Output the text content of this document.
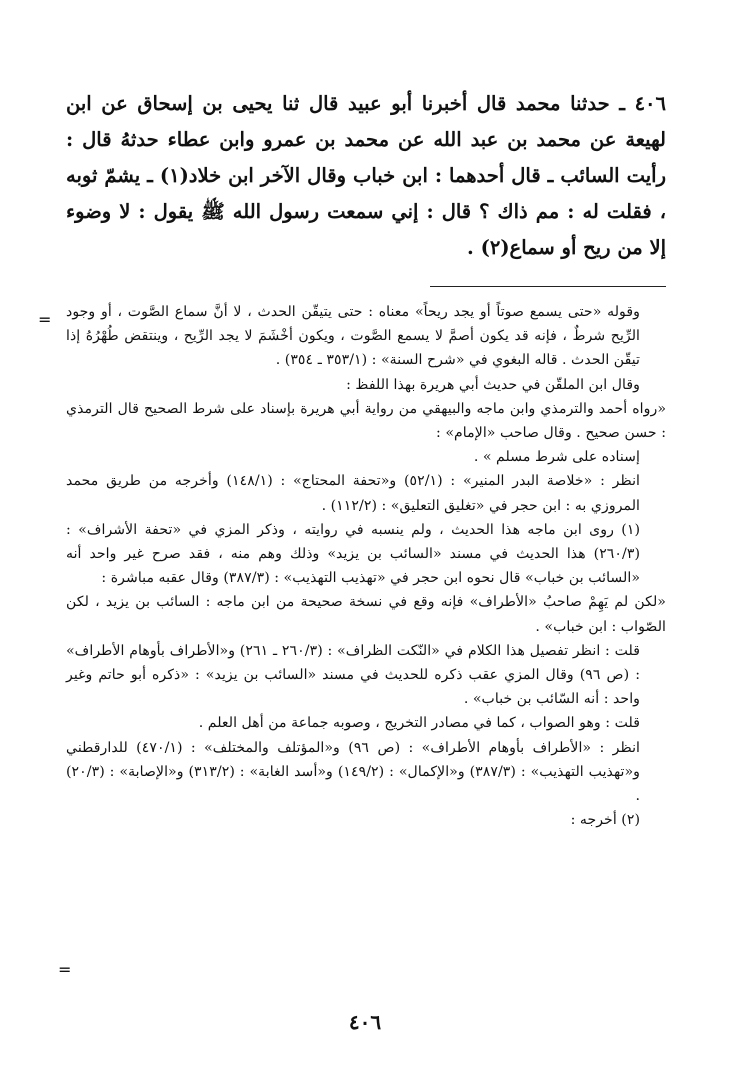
٤٠٦ ـ حدثنا محمد قال أخبرنا أبو عبيد قال ثنا يحيى بن إسحاق عن ابن لهيعة عن محمد بن عبد الله عن محمد بن عمرو وابن عطاء حدثهُ قال : رأيت السائب ـ قال أحدهما : ابن خباب وقال الآخر ابن خلاد(١) ـ يشمّ ثوبه ، فقلت له : مم ذاك ؟ قال : إني سمعت رسول الله ﷺ يقول : لا وضوء إلا من ريح أو سماع(٢) .

= وقوله «حتى يسمع صوتاً أو يجد ريحاً» معناه : حتى يتيقّن الحدث ، لا أنَّ سماع الصَّوت ، أو وجود الرِّيح شرطٌ ، فإنه قد يكون أصمَّ لا يسمع الصَّوت ، ويكون أخْشَمَ لا يجد الرِّيح ، وينتقض طُهْرُهُ إذا تيقّن الحدث . قاله البغوي في «شرح السنة» : (٣٥٣/١ ـ ٣٥٤) .

وقال ابن الملقّن في حديث أبي هريرة بهذا اللفظ :

«رواه أحمد والترمذي وابن ماجه والبيهقي من رواية أبي هريرة بإسناد على شرط الصحيح قال الترمذي : حسن صحيح . وقال صاحب «الإمام» :

إسناده على شرط مسلم » .

انظر : «خلاصة البدر المنير» : (٥٢/١) و«تحفة المحتاج» : (١٤٨/١) وأخرجه من طريق محمد المروزي به : ابن حجر في «تغليق التعليق» : (١١٢/٢) .

(١) روى ابن ماجه هذا الحديث ، ولم ينسبه في روايته ، وذكر المزي في «تحفة الأشراف» : (٢٦٠/٣) هذا الحديث في مسند «السائب بن يزيد» وذلك وهم منه ، فقد صرح غير واحد أنه «السائب بن خباب» قال نحوه ابن حجر في «تهذيب التهذيب» : (٣٨٧/٣) وقال عقبه مباشرة :

«لكن لم يَهِمْ صاحبُ «الأطراف» فإنه وقع في نسخة صحيحة من ابن ماجه : السائب بن يزيد ، لكن الصّواب : ابن خباب» .

قلت : انظر تفصيل هذا الكلام في «النّكت الظراف» : (٢٦٠/٣ ـ ٢٦١) و«الأطراف بأوهام الأطراف» : (ص ٩٦) وقال المزي عقب ذكره للحديث في مسند «السائب بن يزيد» : «ذكره أبو حاتم وغير واحد : أنه السّائب بن خباب» .

قلت : وهو الصواب ، كما في مصادر التخريج ، وصوبه جماعة من أهل العلم .

انظر : «الأطراف بأوهام الأطراف» : (ص ٩٦) و«المؤتلف والمختلف» : (٤٧٠/١) للدارقطني و«تهذيب التهذيب» : (٣٨٧/٣) و«الإكمال» : (١٤٩/٢) و«أسد الغابة» : (٣١٣/٢) و«الإصابة» : (٢٠/٣) .

(٢) أخرجه :

=
٤٠٦
